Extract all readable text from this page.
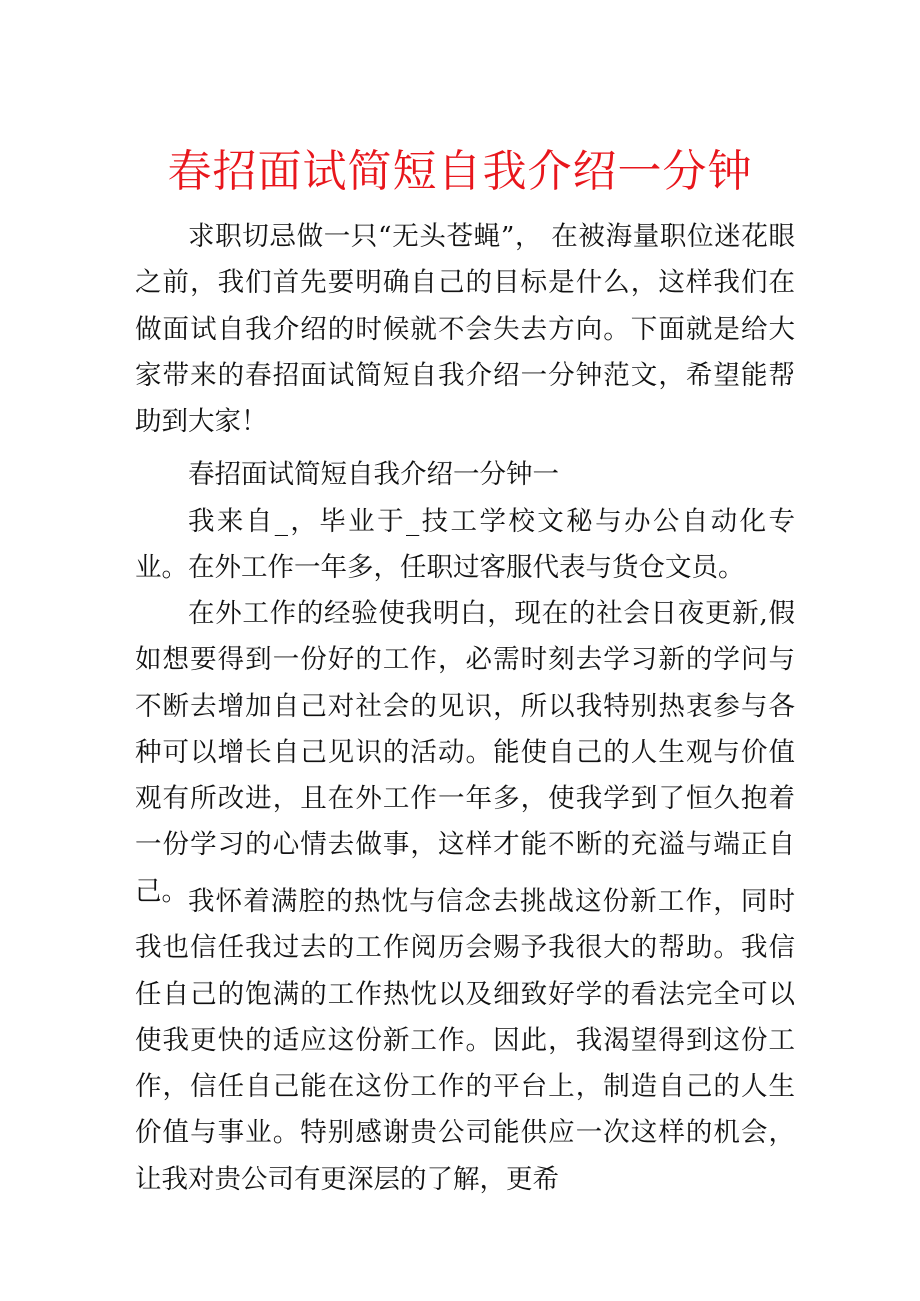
春招面试简短自我介绍一分钟

求职切忌做一只“无头苍蝇”， 在被海量职位迷花眼之前，我们首先要明确自己的目标是什么，这样我们在做面试自我介绍的时候就不会失去方向。下面就是给大家带来的春招面试简短自我介绍一分钟范文，希望能帮助到大家！

春招面试简短自我介绍一分钟一

我来自_，毕业于_技工学校文秘与办公自动化专业。在外工作一年多，任职过客服代表与货仓文员。

在外工作的经验使我明白，现在的社会日夜更新,假如想要得到一份好的工作，必需时刻去学习新的学问与不断去增加自己对社会的见识，所以我特别热衷参与各种可以增长自己见识的活动。能使自己的人生观与价值观有所改进，且在外工作一年多，使我学到了恒久抱着一份学习的心情去做事，这样才能不断的充溢与端正自己。 我怀着满腔的热忱与信念去挑战这份新工作，同时我也信任我过去的工作阅历会赐予我很大的帮助。我信任自己的饱满的工作热忱以及细致好学的看法完全可以使我更快的适应这份新工作。因此，我渴望得到这份工作，信任自己能在这份工作的平台上，制造自己的人生价值与事业。特别感谢贵公司能供应一次这样的机会，让我对贵公司有更深层的了解，更希
